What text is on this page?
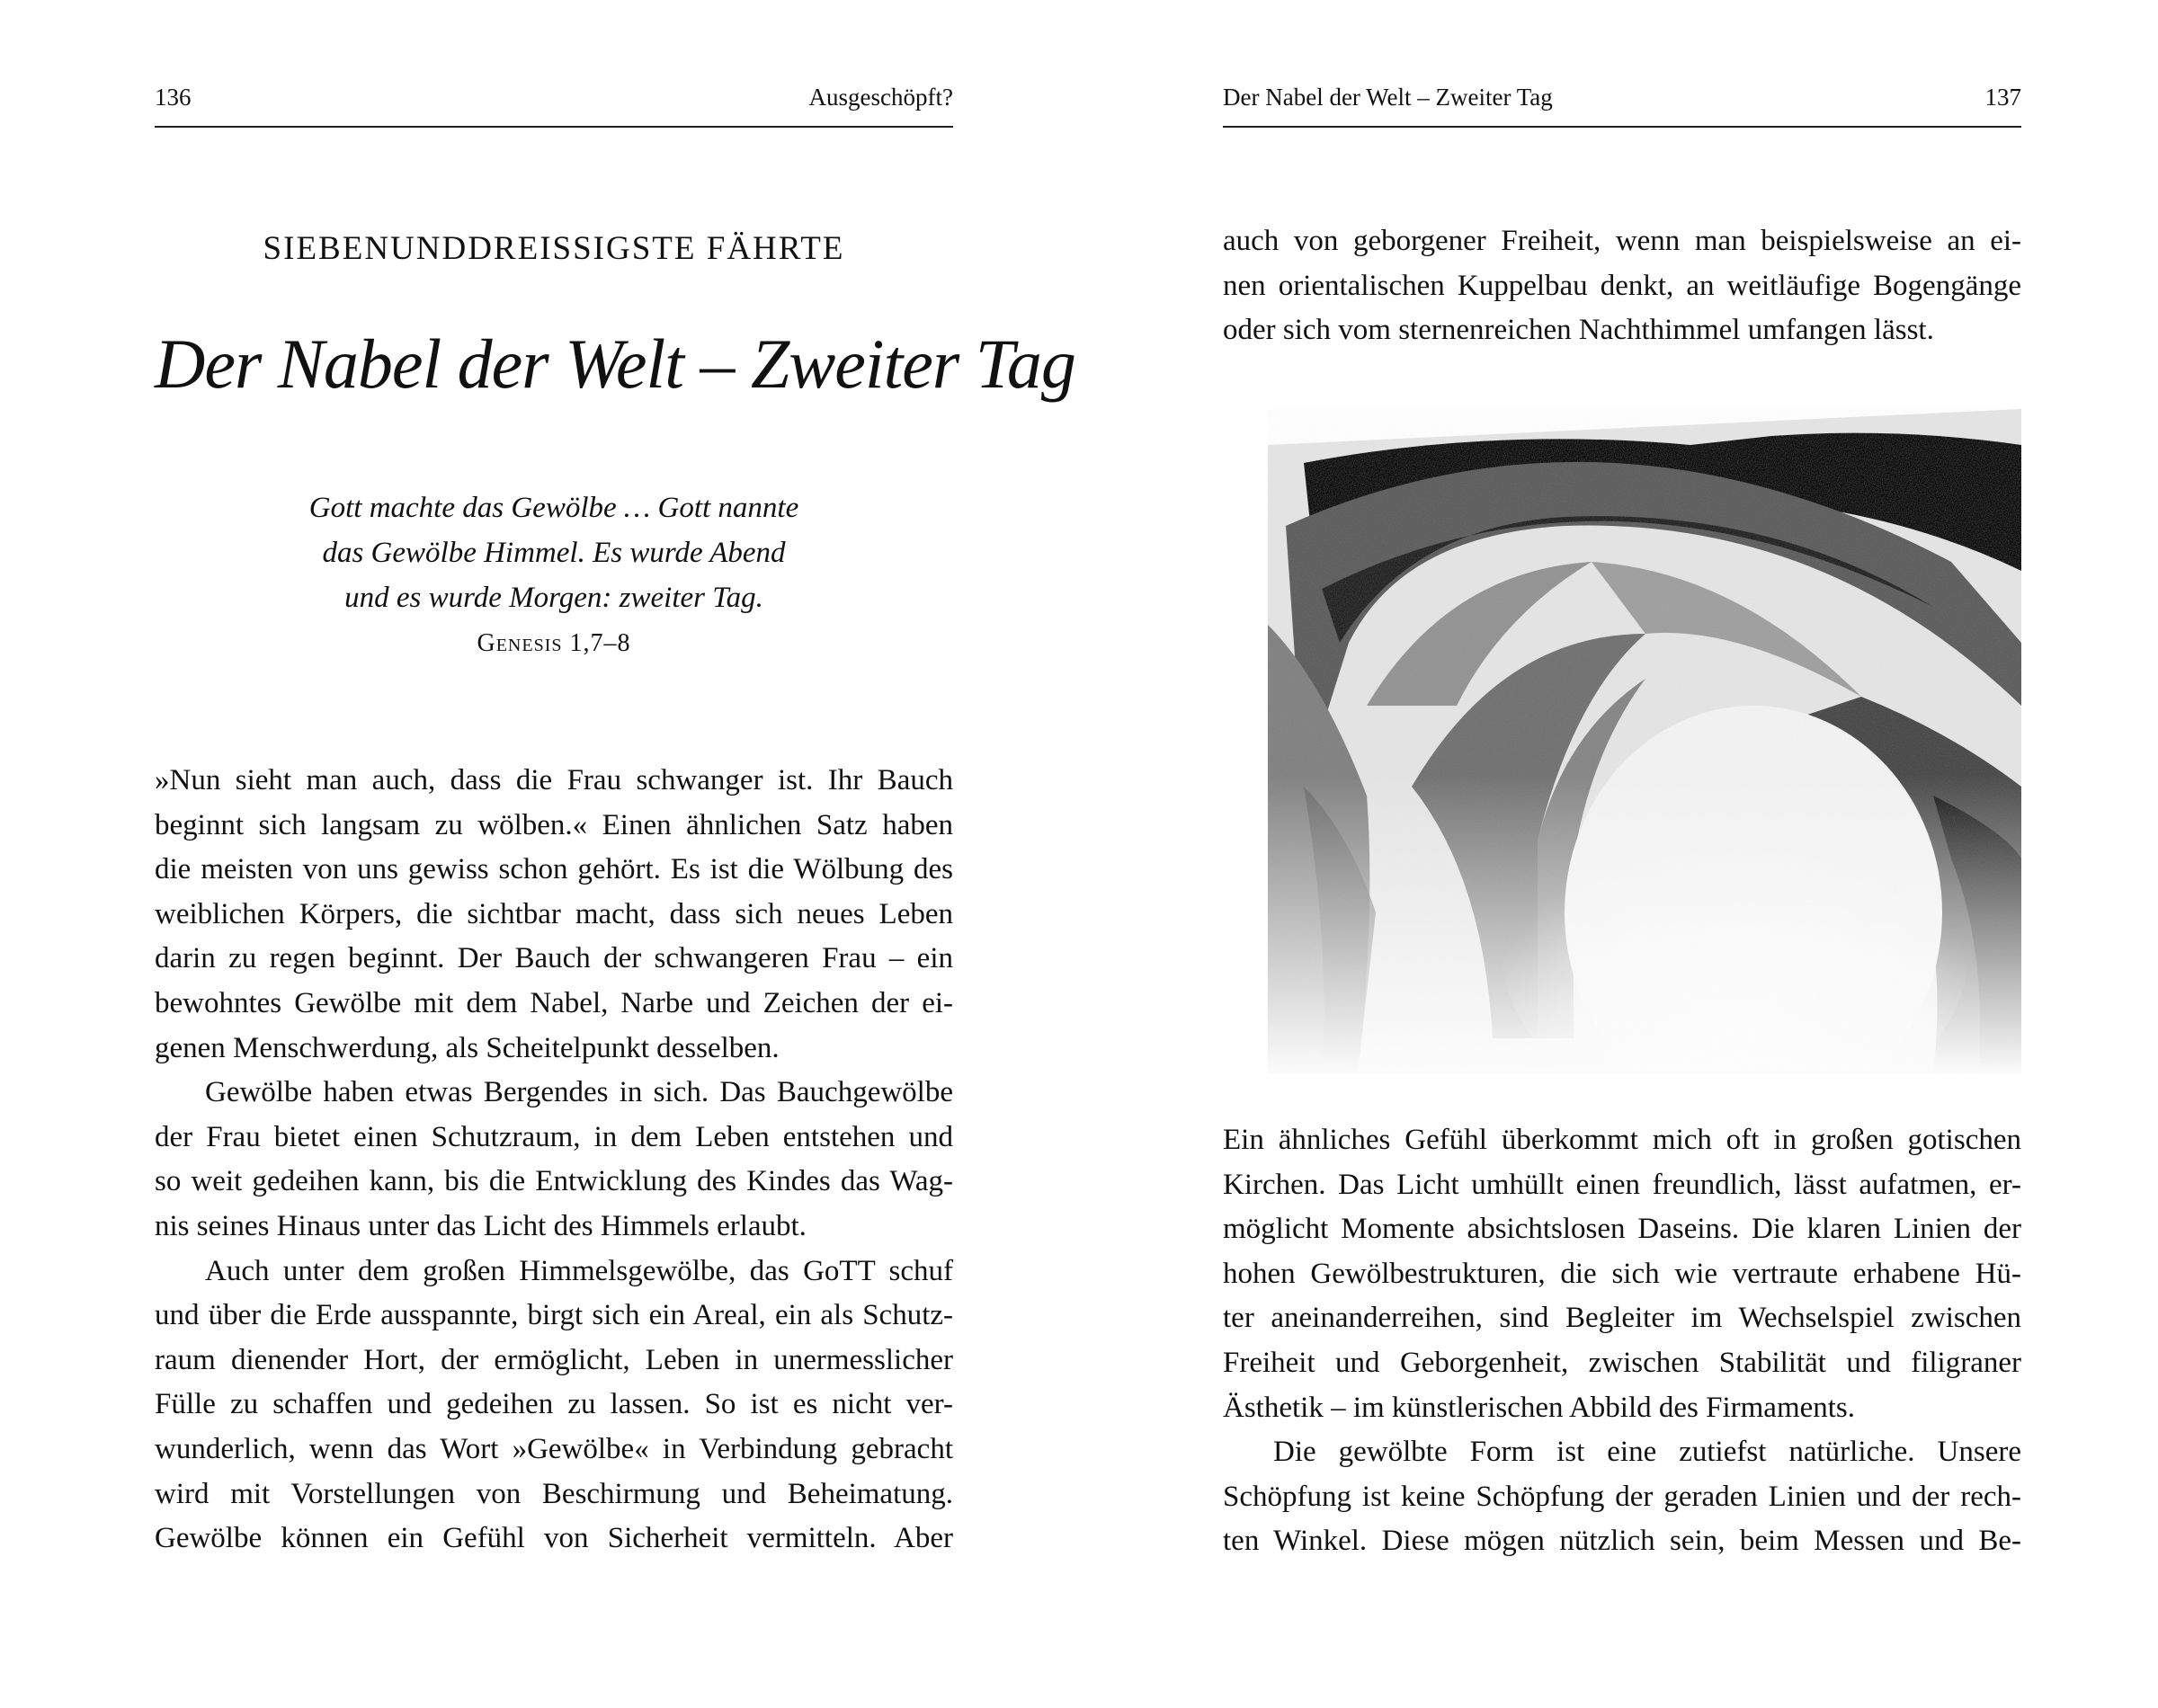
136	Ausgeschöpft?
SIEBENUNDDREISSIGSTE FÄHRTE
Der Nabel der Welt – Zweiter Tag
Gott machte das Gewölbe … Gott nannte
das Gewölbe Himmel. Es wurde Abend
und es wurde Morgen: zweiter Tag.
Genesis 1,7–8
»Nun sieht man auch, dass die Frau schwanger ist. Ihr Bauch
beginnt sich langsam zu wölben.« Einen ähnlichen Satz haben
die meisten von uns gewiss schon gehört. Es ist die Wölbung des
weiblichen Körpers, die sichtbar macht, dass sich neues Leben
darin zu regen beginnt. Der Bauch der schwangeren Frau – ein
bewohntes Gewölbe mit dem Nabel, Narbe und Zeichen der ei-
genen Menschwerdung, als Scheitelpunkt desselben.
Gewölbe haben etwas Bergendes in sich. Das Bauchgewölbe
der Frau bietet einen Schutzraum, in dem Leben entstehen und
so weit gedeihen kann, bis die Entwicklung des Kindes das Wag-
nis seines Hinaus unter das Licht des Himmels erlaubt.
Auch unter dem großen Himmelsgewölbe, das GoTT schuf
und über die Erde ausspannte, birgt sich ein Areal, ein als Schutz-
raum dienender Hort, der ermöglicht, Leben in unermesslicher
Fülle zu schaffen und gedeihen zu lassen. So ist es nicht ver-
wunderlich, wenn das Wort »Gewölbe« in Verbindung gebracht
wird mit Vorstellungen von Beschirmung und Beheimatung.
Gewölbe können ein Gefühl von Sicherheit vermitteln. Aber
Der Nabel der Welt – Zweiter Tag	137
auch von geborgener Freiheit, wenn man beispielsweise an ei-
nen orientalischen Kuppelbau denkt, an weitläufige Bogengänge
oder sich vom sternenreichen Nachthimmel umfangen lässt.
Ein ähnliches Gefühl überkommt mich oft in großen gotischen
Kirchen. Das Licht umhüllt einen freundlich, lässt aufatmen, er-
möglicht Momente absichtslosen Daseins. Die klaren Linien der
hohen Gewölbestrukturen, die sich wie vertraute erhabene Hü-
ter aneinanderreihen, sind Begleiter im Wechselspiel zwischen
Freiheit und Geborgenheit, zwischen Stabilität und filigraner
Ästhetik – im künstlerischen Abbild des Firmaments.
Die gewölbte Form ist eine zutiefst natürliche. Unsere
Schöpfung ist keine Schöpfung der geraden Linien und der rech-
ten Winkel. Diese mögen nützlich sein, beim Messen und Be-
